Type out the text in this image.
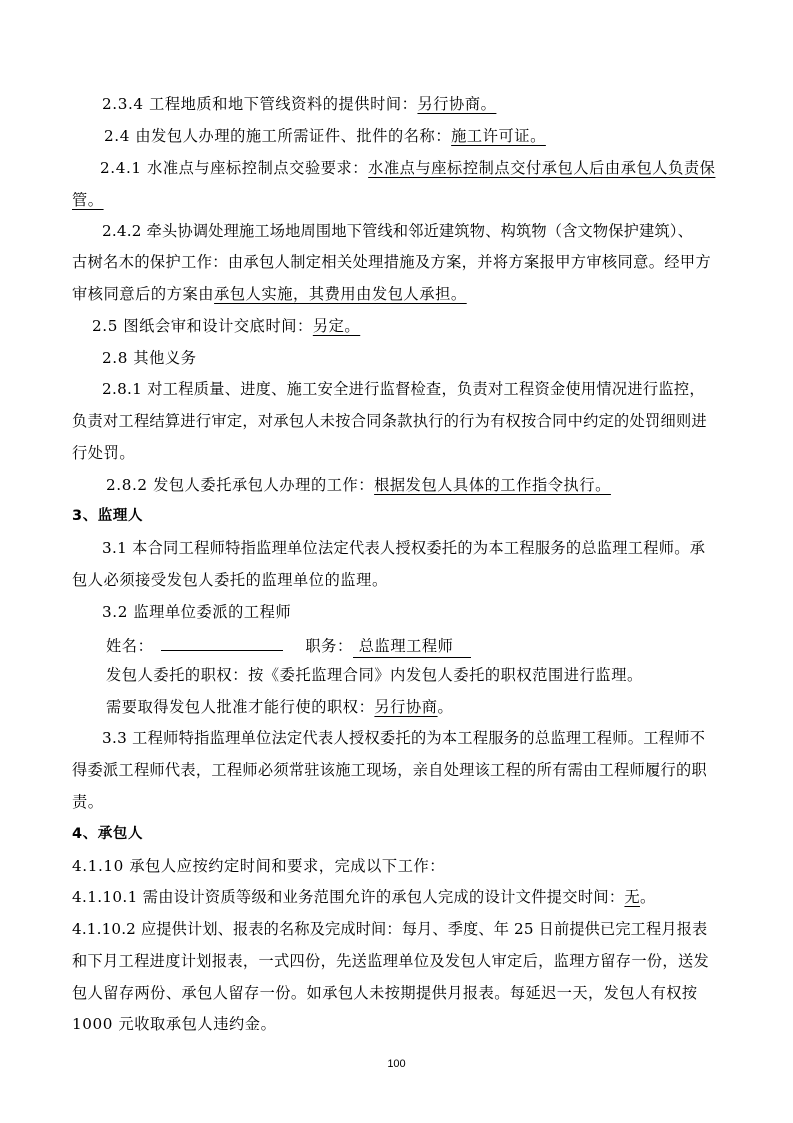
2.3.4 工程地质和地下管线资料的提供时间：另行协商。
2.4 由发包人办理的施工所需证件、批件的名称：施工许可证。
2.4.1 水准点与座标控制点交验要求：水准点与座标控制点交付承包人后由承包人负责保
管。
2.4.2 牵头协调处理施工场地周围地下管线和邻近建筑物、构筑物（含文物保护建筑）、
古树名木的保护工作：由承包人制定相关处理措施及方案，并将方案报甲方审核同意。经甲方
审核同意后的方案由承包人实施，其费用由发包人承担。
2.5 图纸会审和设计交底时间：另定。
2.8 其他义务
2.8.1 对工程质量、进度、施工安全进行监督检查，负责对工程资金使用情况进行监控，
负责对工程结算进行审定，对承包人未按合同条款执行的行为有权按合同中约定的处罚细则进
行处罚。
2.8.2 发包人委托承包人办理的工作：根据发包人具体的工作指令执行。
3、监理人
3.1 本合同工程师特指监理单位法定代表人授权委托的为本工程服务的总监理工程师。承
包人必须接受发包人委托的监理单位的监理。
3.2 监理单位委派的工程师
姓名：	职务： 总监理工程师
发包人委托的职权：按《委托监理合同》内发包人委托的职权范围进行监理。
需要取得发包人批准才能行使的职权：另行协商。
3.3 工程师特指监理单位法定代表人授权委托的为本工程服务的总监理工程师。工程师不
得委派工程师代表，工程师必须常驻该施工现场，亲自处理该工程的所有需由工程师履行的职
责。
4、承包人
4.1.10 承包人应按约定时间和要求，完成以下工作：
4.1.10.1 需由设计资质等级和业务范围允许的承包人完成的设计文件提交时间：无。
4.1.10.2 应提供计划、报表的名称及完成时间：每月、季度、年 25 日前提供已完工程月报表
和下月工程进度计划报表，一式四份，先送监理单位及发包人审定后，监理方留存一份，送发
包人留存两份、承包人留存一份。如承包人未按期提供月报表。每延迟一天，发包人有权按
1000 元收取承包人违约金。
100
